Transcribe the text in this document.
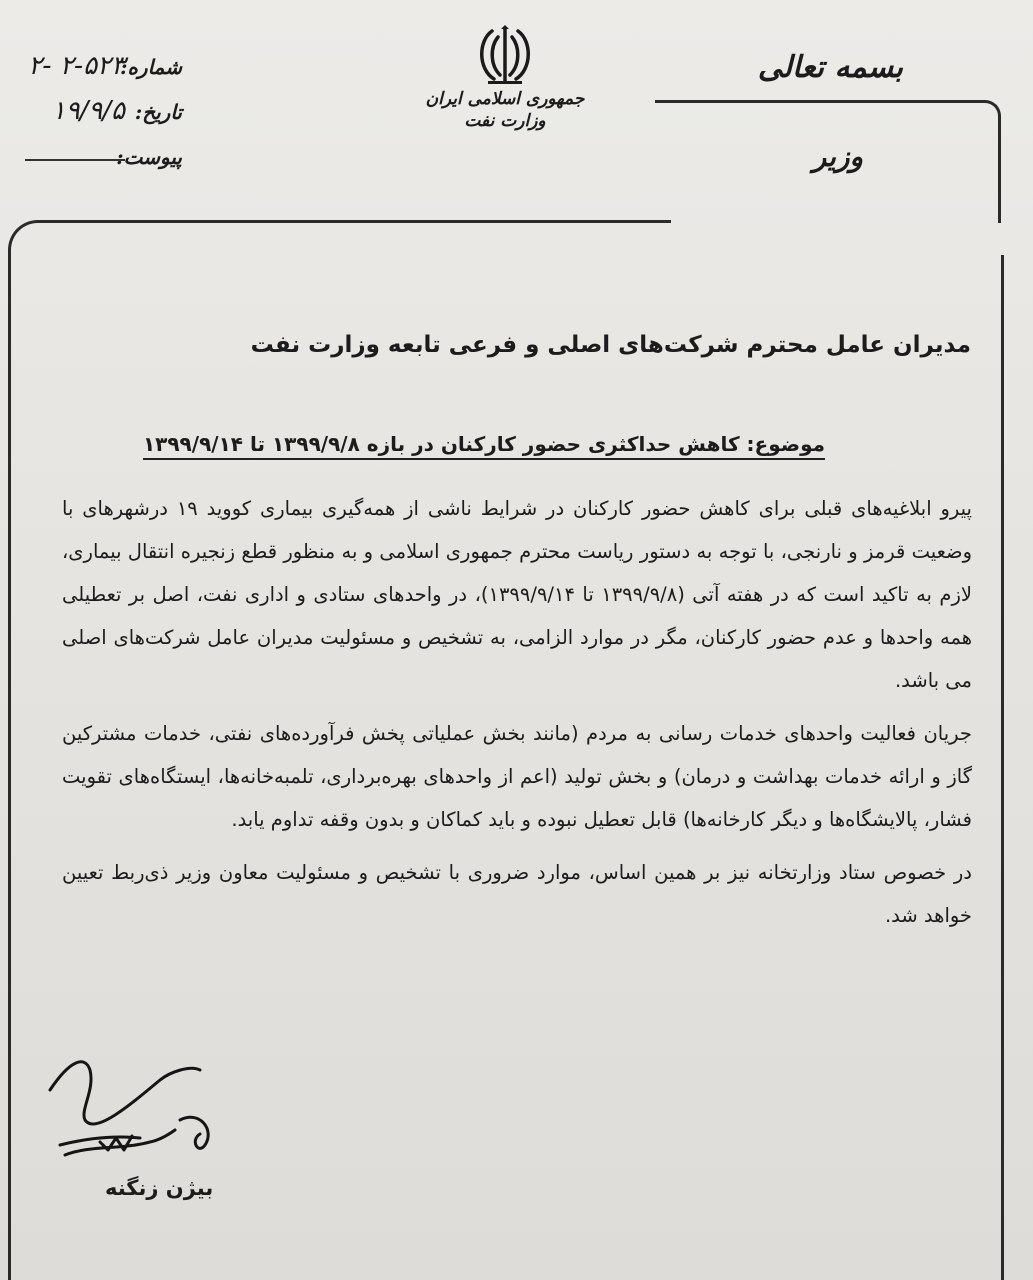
جمهوری اسلامی ایران
وزارت نفت
بسمه تعالی
وزیر
شماره:
۲-۵۲۳ -۲
تاریخ:
۱۹/۹/۵
پیوست:
مدیران عامل محترم شرکت‌های اصلی و فرعی تابعه وزارت نفت
موضوع: کاهش حداکثری حضور کارکنان در بازه ۱۳۹۹/۹/۸ تا ۱۳۹۹/۹/۱۴

پیرو ابلاغیه‌های قبلی برای کاهش حضور کارکنان در شرایط ناشی از همه‌گیری بیماری کووید ۱۹ درشهرهای با وضعیت قرمز و نارنجی، با توجه به دستور ریاست محترم جمهوری اسلامی و به منظور قطع زنجیره انتقال بیماری، لازم به تاکید است که در هفته آتی (۱۳۹۹/۹/۸ تا ۱۳۹۹/۹/۱۴)، در واحدهای ستادی و اداری نفت، اصل بر تعطیلی همه واحدها و عدم حضور کارکنان، مگر در موارد الزامی، به تشخیص و مسئولیت مدیران عامل شرکت‌های اصلی می باشد.

جریان فعالیت واحدهای خدمات رسانی به مردم (مانند بخش عملیاتی پخش فرآورده‌های نفتی، خدمات مشترکین گاز و ارائه خدمات بهداشت و درمان) و بخش تولید (اعم از واحدهای بهره‌برداری، تلمبه‌خانه‌ها، ایستگاه‌های تقویت فشار، پالایشگاه‌ها و دیگر کارخانه‌ها) قابل تعطیل نبوده و باید کماکان و بدون وقفه تداوم یابد.

در خصوص ستاد وزارتخانه نیز بر همین اساس، موارد ضروری با تشخیص و مسئولیت معاون وزیر ذی‌ربط تعیین خواهد شد.

بیژن زنگنه
